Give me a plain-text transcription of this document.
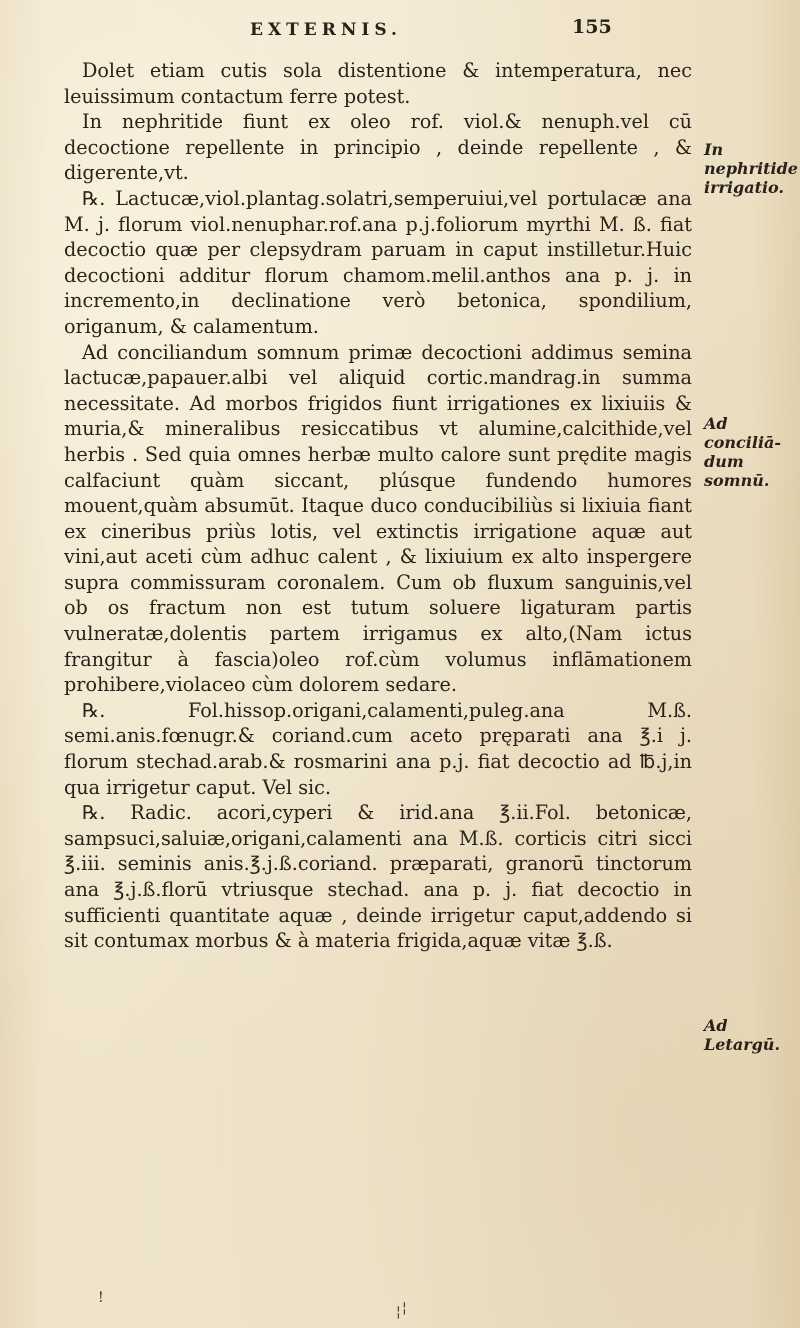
EXTERNIS.	155

Dolet etiam cutis sola distentione & intemperatura, nec leuissimum contactum ferre potest.

In nephritide fiunt ex oleo rof. viol.& nenuph.vel cū decoctione repellente in principio , deinde repellente , & digerente,vt.

℞. Lactucæ,viol.plantag.solatri,semperuiui,vel portulacæ ana M. j. florum viol.nenuphar.rof.ana p.j.foliorum myrthi M. ß. fiat decoctio quæ per clepsydram paruam in caput instilletur.Huic decoctioni additur florum chamom.melil.anthos ana p. j. in incremento,in declinatione verò betonica, spondilium, origanum, & calamentum.

Ad conciliandum somnum primæ decoctioni addimus semina lactucæ,papauer.albi vel aliquid cortic.mandrag.in summa necessitate. Ad morbos frigidos fiunt irrigationes ex lixiuiis & muria,& mineralibus resiccatibus vt alumine,calcithide,vel herbis . Sed quia omnes herbæ multo calore sunt prędite magis calfaciunt quàm siccant, plúsque fundendo humores mouent,quàm absumūt. Itaque duco conducibiliùs si lixiuia fiant ex cineribus priùs lotis, vel extinctis irrigatione aquæ aut vini,aut aceti cùm adhuc calent , & lixiuium ex alto inspergere supra commissuram coronalem. Cum ob fluxum sanguinis,vel ob os fractum non est tutum soluere ligaturam partis vulneratæ,dolentis partem irrigamus ex alto,(Nam ictus frangitur à fascia)oleo rof.cùm volumus inflāmationem prohibere,violaceo cùm dolorem sedare.

℞. Fol.hissop.origani,calamenti,puleg.ana M.ß. semi.anis.fœnugr.& coriand.cum aceto pręparati ana ℥.i j. florum stechad.arab.& rosmarini ana p.j. fiat decoctio ad ℔.j,in qua irrigetur caput. Vel sic.

℞. Radic. acori,cyperi & irid.ana ℥.ii.Fol. betonicæ, sampsuci,saluiæ,origani,calamenti ana M.ß. corticis citri sicci ℥.iii. seminis anis.℥.j.ß.coriand. præparati, granorū tinctorum ana ℥.j.ß.florū vtriusque stechad. ana p. j. fiat decoctio in sufficienti quantitate aquæ , deinde irrigetur caput,addendo si sit contumax morbus & à materia frigida,aquæ vitæ ℥.ß.

In nephritide irrigatio.
Ad conciliā-dum somnū.
Ad Letargū.
!
¦ ¦
